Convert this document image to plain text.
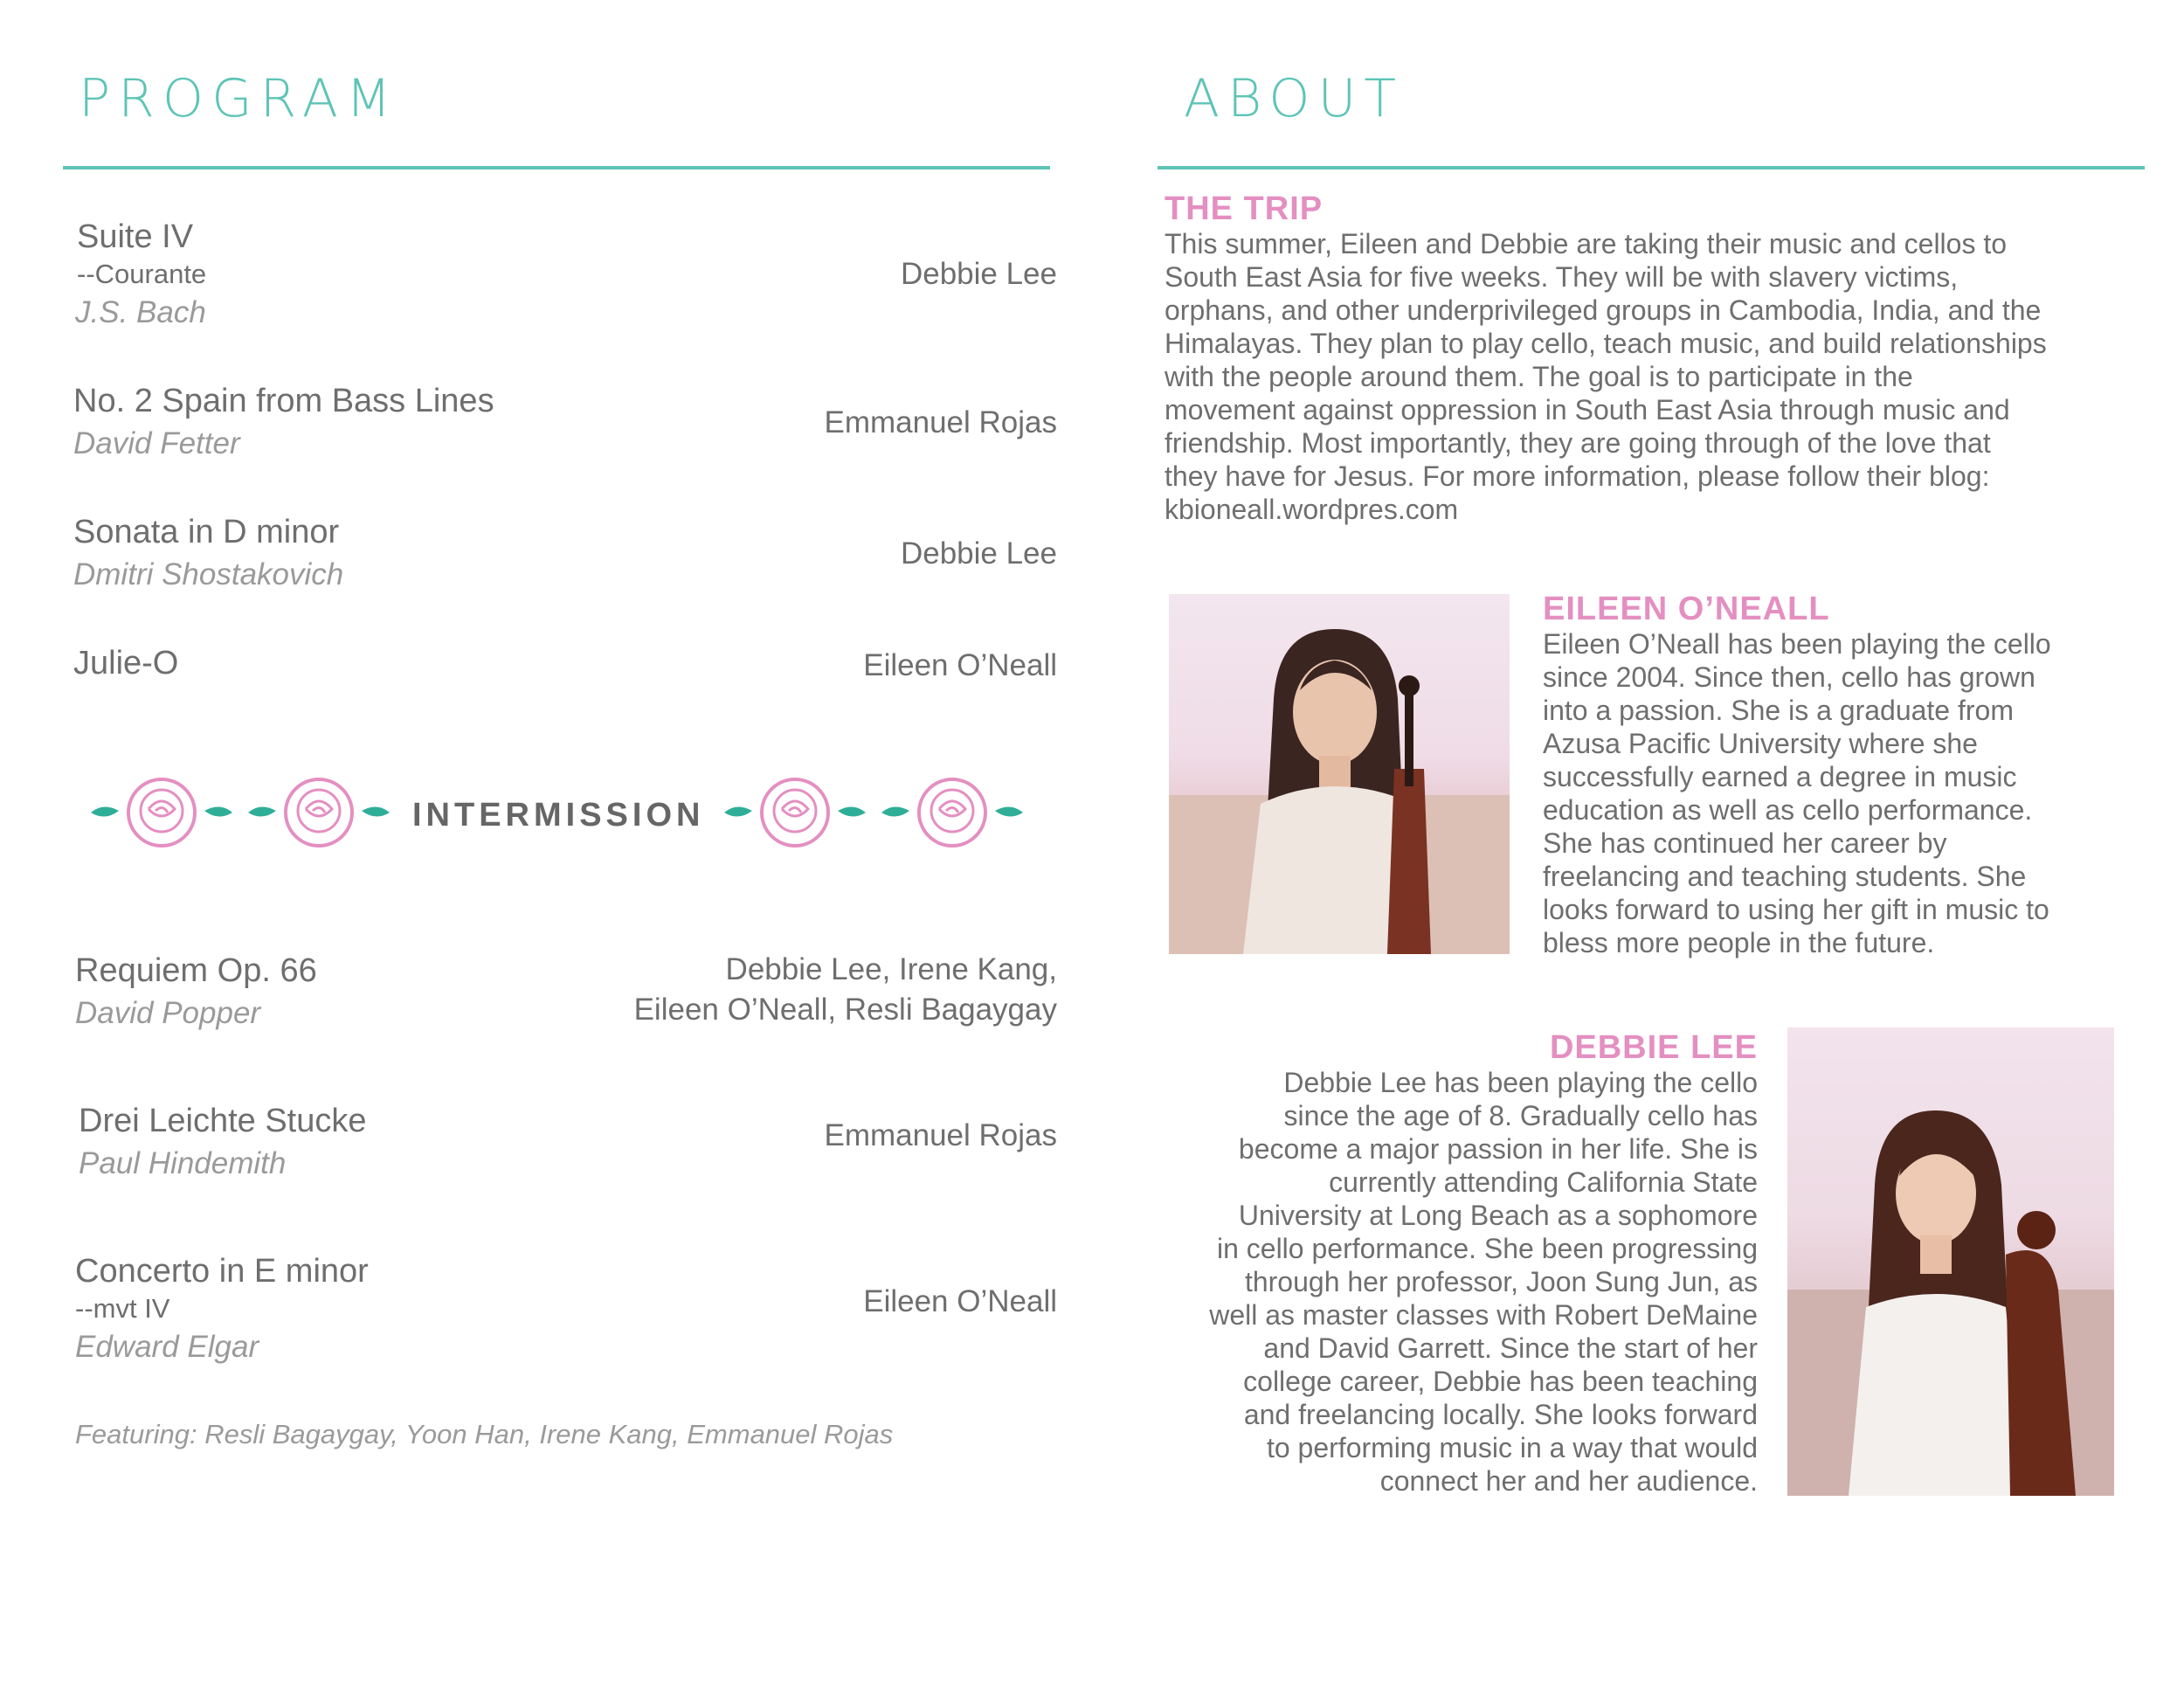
PROGRAM
Suite IV
--Courante
J.S. Bach
Debbie Lee
No. 2 Spain from Bass Lines
David Fetter
Emmanuel Rojas
Sonata in D minor
Dmitri Shostakovich
Debbie Lee
Julie-O	Eileen O’Neall
INTERMISSION
Requiem Op. 66
David Popper
Debbie Lee, Irene Kang,
Eileen O’Neall, Resli Bagaygay
Drei Leichte Stucke
Paul Hindemith
Emmanuel Rojas
Concerto in E minor
--mvt IV
Edward Elgar
Eileen O’Neall
Featuring: Resli Bagaygay, Yoon Han, Irene Kang, Emmanuel Rojas
ABOUT
THE TRIP
This summer, Eileen and Debbie are taking their music and cellos to
South East Asia for five weeks. They will be with slavery victims,
orphans, and other underprivileged groups in Cambodia, India, and the
Himalayas. They plan to play cello, teach music, and build relationships
with the people around them. The goal is to participate in the
movement against oppression in South East Asia through music and
friendship. Most importantly, they are going through of the love that
they have for Jesus. For more information, please follow their blog:
kbioneall.wordpres.com
EILEEN O’NEALL
Eileen O’Neall has been playing the cello
since 2004. Since then, cello has grown
into a passion. She is a graduate from
Azusa Pacific University where she
successfully earned a degree in music
education as well as cello performance.
She has continued her career by
freelancing and teaching students. She
looks forward to using her gift in music to
bless more people in the future.
DEBBIE LEE
Debbie Lee has been playing the cello
since the age of 8. Gradually cello has
become a major passion in her life. She is
currently attending California State
University at Long Beach as a sophomore
in cello performance. She been progressing
through her professor, Joon Sung Jun, as
well as master classes with Robert DeMaine
and David Garrett. Since the start of her
college career, Debbie has been teaching
and freelancing locally. She looks forward
to performing music in a way that would
connect her and her audience.
